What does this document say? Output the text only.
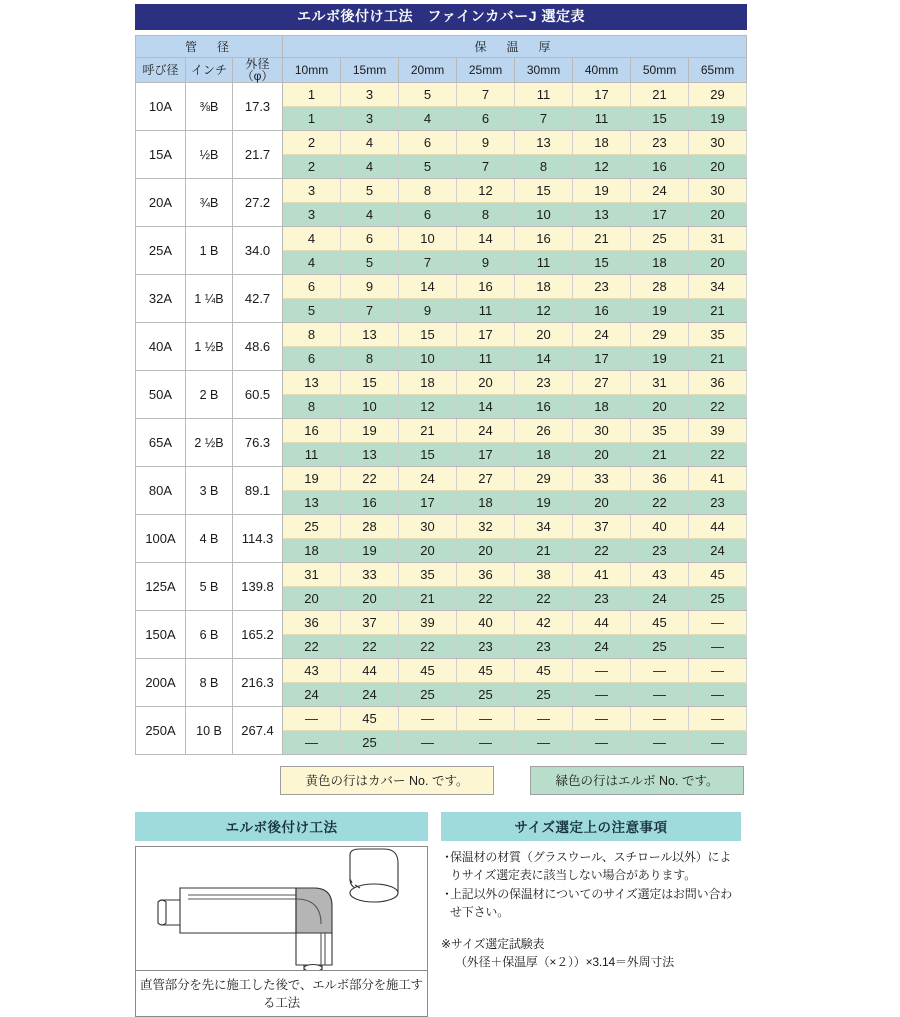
エルボ後付け工法　ファインカバーJ 選定表
管　径			保　温　厚							
呼び径	インチ	外径（φ）	10mm	15mm	20mm	25mm	30mm	40mm	50mm	65mm
10A	⅜B	17.3	1	3	5	7	11	17	21	29
			1	3	4	6	7	11	15	19
15A	½B	21.7	2	4	6	9	13	18	23	30
			2	4	5	7	8	12	16	20
20A	¾B	27.2	3	5	8	12	15	19	24	30
			3	4	6	8	10	13	17	20
25A	1 B	34.0	4	6	10	14	16	21	25	31
			4	5	7	9	11	15	18	20
32A	1 ¼B	42.7	6	9	14	16	18	23	28	34
			5	7	9	11	12	16	19	21
40A	1 ½B	48.6	8	13	15	17	20	24	29	35
			6	8	10	11	14	17	19	21
50A	2 B	60.5	13	15	18	20	23	27	31	36
			8	10	12	14	16	18	20	22
65A	2 ½B	76.3	16	19	21	24	26	30	35	39
			11	13	15	17	18	20	21	22
80A	3 B	89.1	19	22	24	27	29	33	36	41
			13	16	17	18	19	20	22	23
100A	4 B	114.3	25	28	30	32	34	37	40	44
			18	19	20	20	21	22	23	24
125A	5 B	139.8	31	33	35	36	38	41	43	45
			20	20	21	22	22	23	24	25
150A	6 B	165.2	36	37	39	40	42	44	45	—
			22	22	22	23	23	24	25	—
200A	8 B	216.3	43	44	45	45	45	—	—	—
			24	24	25	25	25	—	—	—
250A	10 B	267.4	—	45	—	—	—	—	—	—
			—	25	—	—	—	—	—	—
黄色の行はカバー No. です。	緑色の行はエルボ No. です。
エルボ後付け工法
直管部分を先に施工した後で、エルボ部分を施工する工法
サイズ選定上の注意事項
・
保温材の材質（グラスウール、スチロール以外）によりサイズ選定表に該当しない場合があります。
・
上記以外の保温材についてのサイズ選定はお問い合わせ下さい。
※サイズ選定試験表
（外径＋保温厚（×２））×3.14＝外周寸法
